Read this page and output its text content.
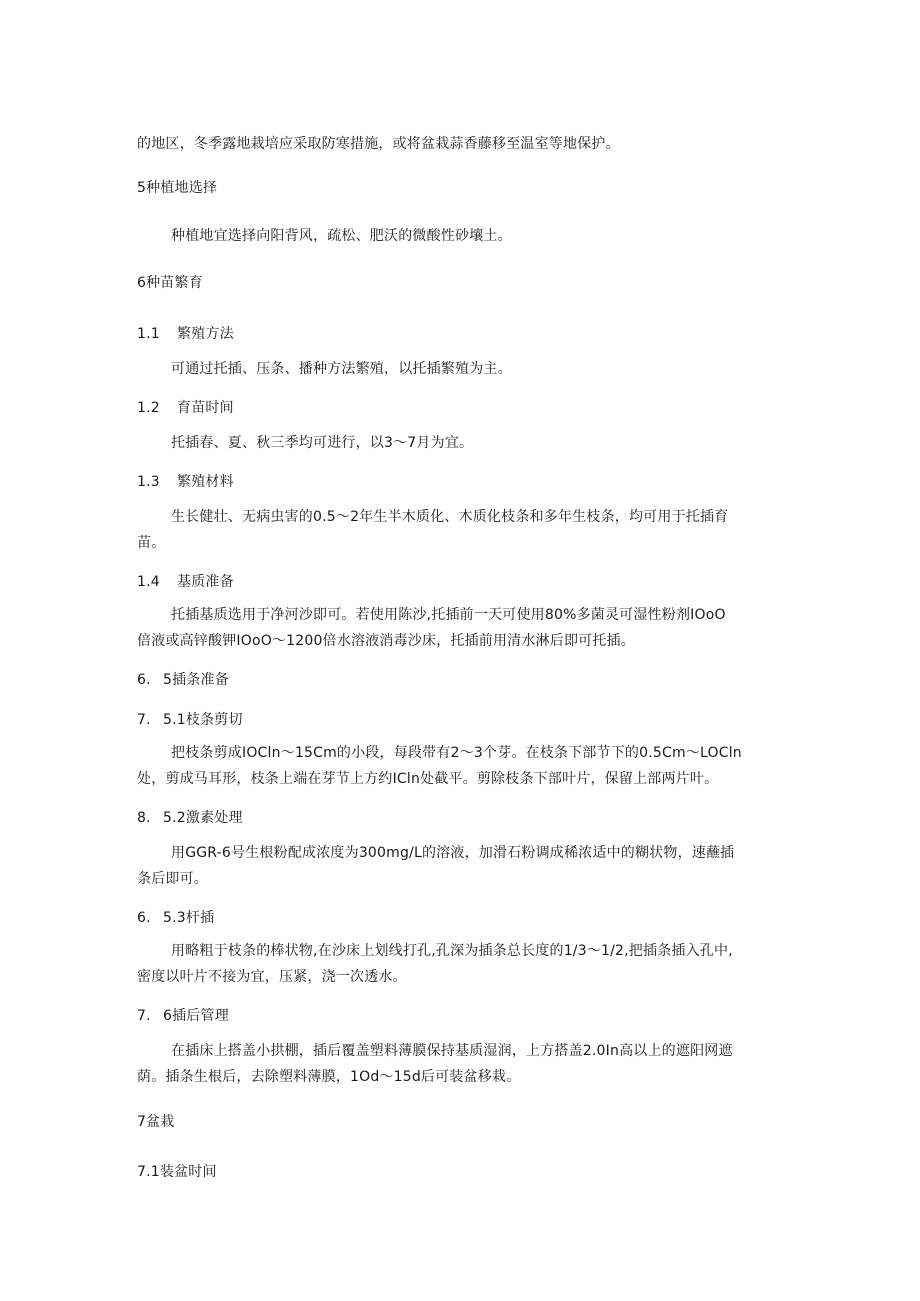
的地区，冬季露地栽培应采取防寒措施，或将盆栽蒜香藤移至温室等地保护。
5种植地选择
种植地宜选择向阳背风，疏松、肥沃的微酸性砂壤土。
6种苗繁育
1.1 繁殖方法
可通过托插、压条、播种方法繁殖，以托插繁殖为主。
1.2 育苗时间
托插春、夏、秋三季均可进行，以3～7月为宜。
1.3 繁殖材料
生长健壮、无病虫害的0.5～2年生半木质化、木质化枝条和多年生枝条，均可用于托插育
苗。
1.4 基质准备
托插基质选用于净河沙即可。若使用陈沙,托插前一天可使用80%多菌灵可湿性粉剂IOoO
倍液或高锌酸钾IOoO～1200倍水溶液消毒沙床，托插前用清水淋后即可托插。
6. 5插条准备
7. 5.1枝条剪切
把枝条剪成IOCln～15Cm的小段，每段带有2～3个芽。在枝条下部节下的0.5Cm～LOCln
处，剪成马耳形，枝条上端在芽节上方约ICln处截平。剪除枝条下部叶片，保留上部两片叶。
8. 5.2激素处理
用GGR-6号生根粉配成浓度为300mg∕L的溶液，加滑石粉调成稀浓适中的糊状物，速蘸插
条后即可。
6. 5.3杆插
用略粗于枝条的棒状物,在沙床上划线打孔,孔深为插条总长度的1/3～1/2,把插条插入孔中,
密度以叶片不接为宜，压紧，浇一次透水。
7. 6插后管理
在插床上搭盖小拱棚，插后覆盖塑料薄膜保持基质湿润，上方搭盖2.0In高以上的遮阳网遮
荫。插条生根后，去除塑料薄膜，1Od～15d后可装盆移栽。
7盆栽
7.1装盆时间
